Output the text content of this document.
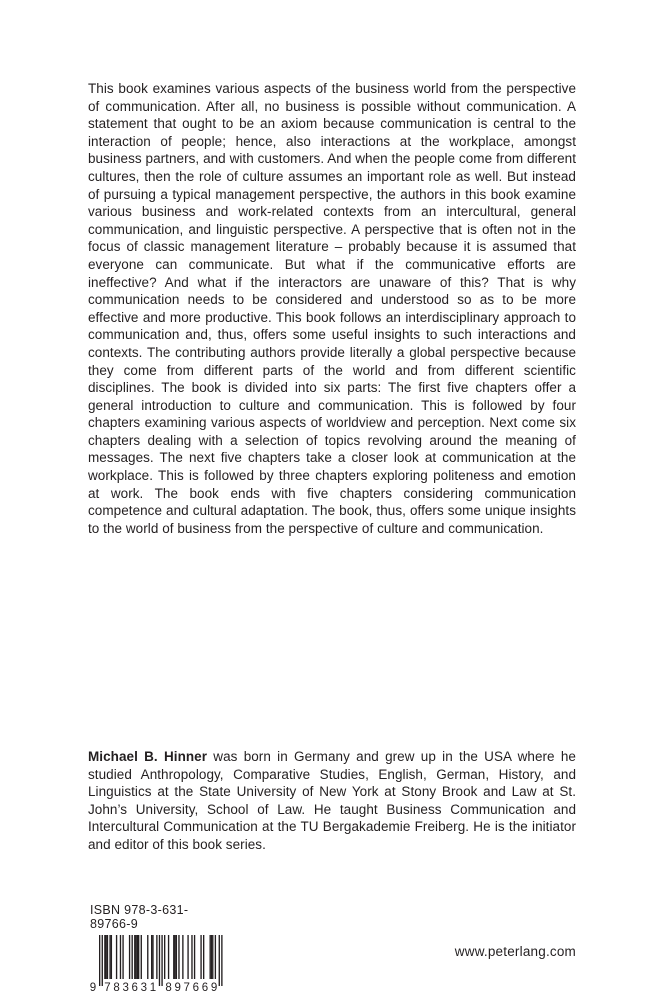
This book examines various aspects of the business world from the perspective of communication. After all, no business is possible without communication. A statement that ought to be an axiom because communication is central to the interaction of people; hence, also interactions at the workplace, amongst business partners, and with customers. And when the people come from different cultures, then the role of culture assumes an important role as well. But instead of pursuing a typical management perspective, the authors in this book examine various business and work-related contexts from an intercultural, general communication, and linguistic perspective. A perspective that is often not in the focus of classic management literature – probably because it is assumed that everyone can communicate. But what if the communicative efforts are ineffective? And what if the interactors are unaware of this? That is why communication needs to be considered and understood so as to be more effective and more productive. This book follows an interdisciplinary approach to communication and, thus, offers some useful insights to such interactions and contexts. The contributing authors provide literally a global perspective because they come from different parts of the world and from different scientific disciplines. The book is divided into six parts: The first five chapters offer a general introduction to culture and communication. This is followed by four chapters examining various aspects of worldview and perception. Next come six chapters dealing with a selection of topics revolving around the meaning of messages. The next five chapters take a closer look at communication at the workplace. This is followed by three chapters exploring politeness and emotion at work. The book ends with five chapters considering communication competence and cultural adaptation. The book, thus, offers some unique insights to the world of business from the perspective of culture and communication.

Michael B. Hinner was born in Germany and grew up in the USA where he studied Anthropology, Comparative Studies, English, German, History, and Linguistics at the State University of New York at Stony Brook and Law at St. John’s University, School of Law. He taught Business Communication and Intercultural Communication at the TU Bergakademie Freiberg. He is the initiator and editor of this book series.

ISBN 978-3-631-89766-9
9 7 8 3 6 3 1 8 9 7 6 6 9
www.peterlang.com
